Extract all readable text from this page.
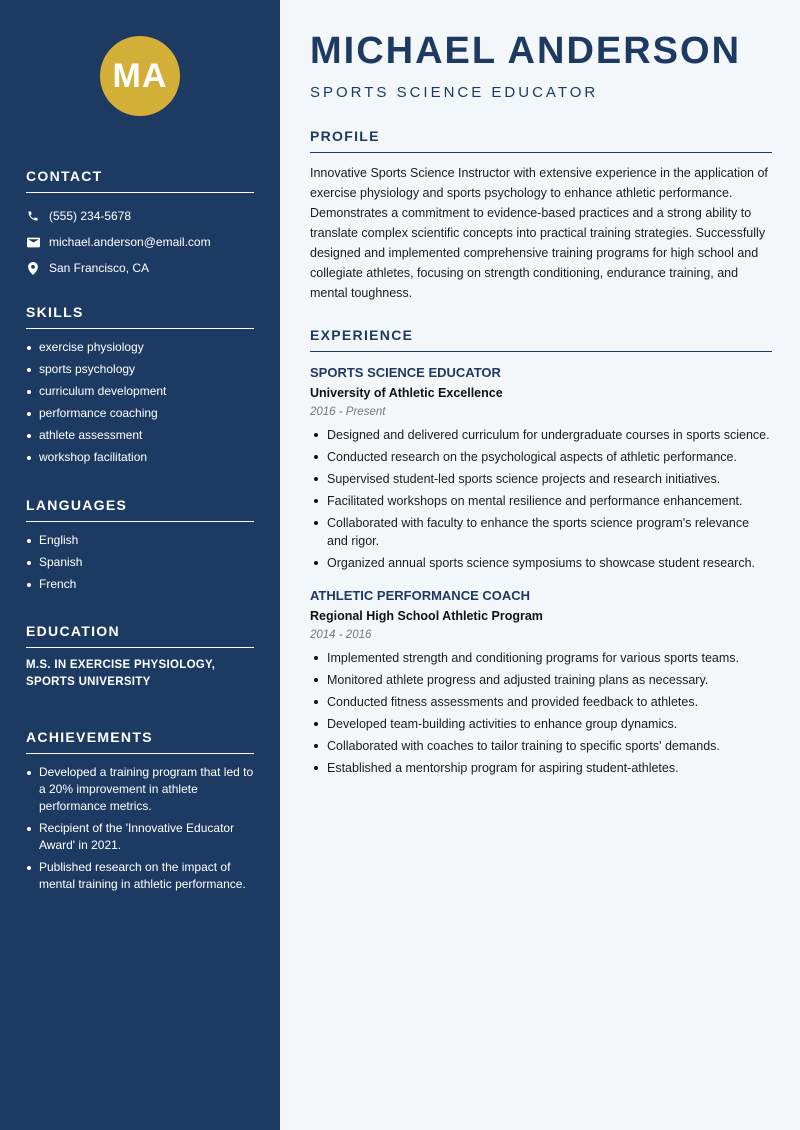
MA
CONTACT
(555) 234-5678
michael.anderson@email.com
San Francisco, CA
SKILLS
exercise physiology
sports psychology
curriculum development
performance coaching
athlete assessment
workshop facilitation
LANGUAGES
English
Spanish
French
EDUCATION

M.S. IN EXERCISE PHYSIOLOGY, SPORTS UNIVERSITY

ACHIEVEMENTS
Developed a training program that led to a 20% improvement in athlete performance metrics.
Recipient of the 'Innovative Educator Award' in 2021.
Published research on the impact of mental training in athletic performance.
MICHAEL ANDERSON
SPORTS SCIENCE EDUCATOR
PROFILE

Innovative Sports Science Instructor with extensive experience in the application of exercise physiology and sports psychology to enhance athletic performance. Demonstrates a commitment to evidence-based practices and a strong ability to translate complex scientific concepts into practical training strategies. Successfully designed and implemented comprehensive training programs for high school and collegiate athletes, focusing on strength conditioning, endurance training, and mental toughness.

EXPERIENCE
SPORTS SCIENCE EDUCATOR
University of Athletic Excellence
2016 - Present
Designed and delivered curriculum for undergraduate courses in sports science.
Conducted research on the psychological aspects of athletic performance.
Supervised student-led sports science projects and research initiatives.
Facilitated workshops on mental resilience and performance enhancement.
Collaborated with faculty to enhance the sports science program's relevance and rigor.
Organized annual sports science symposiums to showcase student research.
ATHLETIC PERFORMANCE COACH
Regional High School Athletic Program
2014 - 2016
Implemented strength and conditioning programs for various sports teams.
Monitored athlete progress and adjusted training plans as necessary.
Conducted fitness assessments and provided feedback to athletes.
Developed team-building activities to enhance group dynamics.
Collaborated with coaches to tailor training to specific sports' demands.
Established a mentorship program for aspiring student-athletes.
